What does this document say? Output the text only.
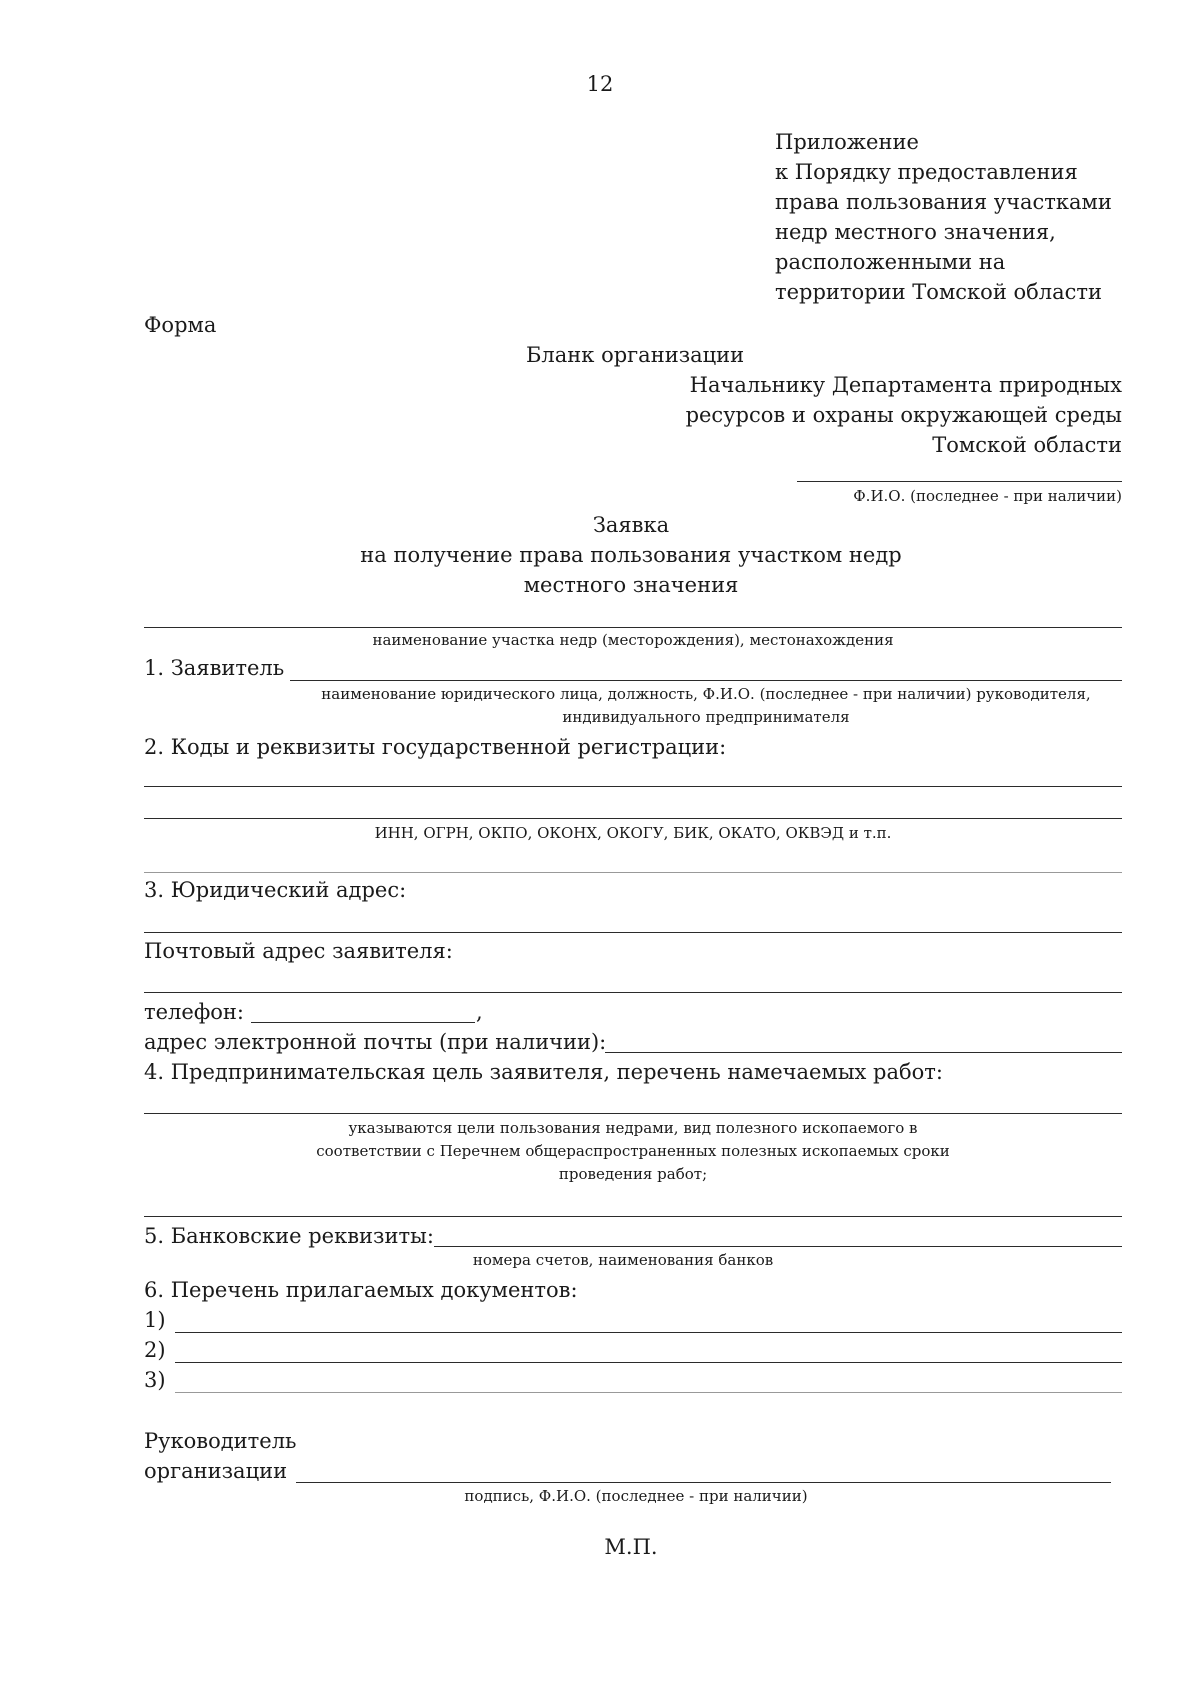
12
Приложение
к Порядку предоставления
права пользования участками
недр местного значения,
расположенными на
территории Томской области
Форма
Бланк организации
Начальнику Департамента природных
ресурсов и охраны окружающей среды
Томской области
Ф.И.О. (последнее - при наличии)
Заявка
на получение права пользования участком недр
местного значения
наименование участка недр (месторождения), местонахождения
1. Заявитель
наименование юридического лица, должность, Ф.И.О. (последнее - при наличии) руководителя,
индивидуального предпринимателя
2. Коды и реквизиты государственной регистрации:
ИНН, ОГРН, ОКПО, ОКОНХ, ОКОГУ, БИК, ОКАТО, ОКВЭД и т.п.
3. Юридический адрес:
Почтовый адрес заявителя:
телефон:	,
адрес электронной почты (при наличии):
4. Предпринимательская цель заявителя, перечень намечаемых работ:
указываются цели пользования недрами, вид полезного ископаемого в
соответствии с Перечнем общераспространенных полезных ископаемых сроки
проведения работ;
5. Банковские реквизиты:
номера счетов, наименования банков
6. Перечень прилагаемых документов:
1)
2)
3)
Руководитель
организации
подпись, Ф.И.О. (последнее - при наличии)
М.П.
